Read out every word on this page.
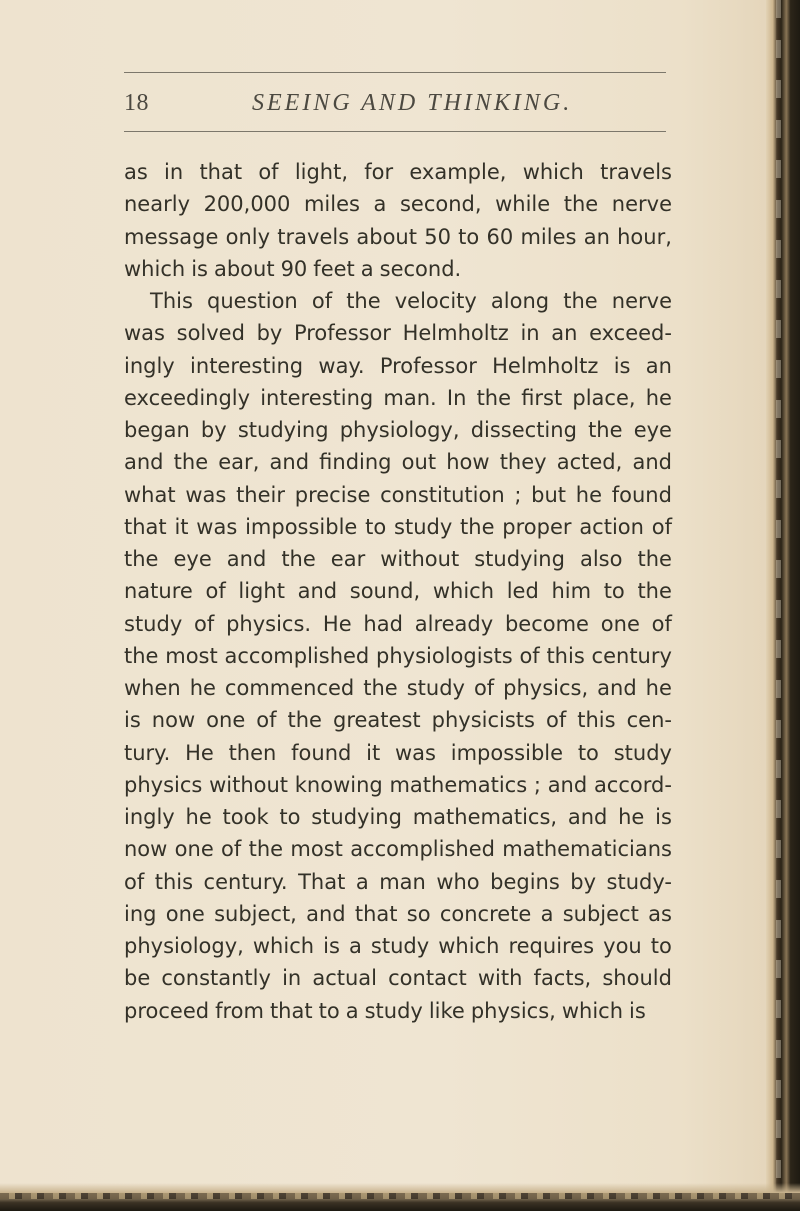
18	SEEING AND THINKING.
as in that of light, for example, which travels
nearly 200,000 miles a second, while the nerve
message only travels about 50 to 60 miles an hour,
which is about 90 feet a second.
This question of the velocity along the nerve
was solved by Professor Helmholtz in an exceed-
ingly interesting way. Professor Helmholtz is an
exceedingly interesting man. In the first place, he
began by studying physiology, dissecting the eye
and the ear, and finding out how they acted, and
what was their precise constitution ; but he found
that it was impossible to study the proper action of
the eye and the ear without studying also the
nature of light and sound, which led him to the
study of physics. He had already become one of
the most accomplished physiologists of this century
when he commenced the study of physics, and he
is now one of the greatest physicists of this cen-
tury. He then found it was impossible to study
physics without knowing mathematics ; and accord-
ingly he took to studying mathematics, and he is
now one of the most accomplished mathematicians
of this century. That a man who begins by study-
ing one subject, and that so concrete a subject as
physiology, which is a study which requires you to
be constantly in actual contact with facts, should
proceed from that to a study like physics, which is
